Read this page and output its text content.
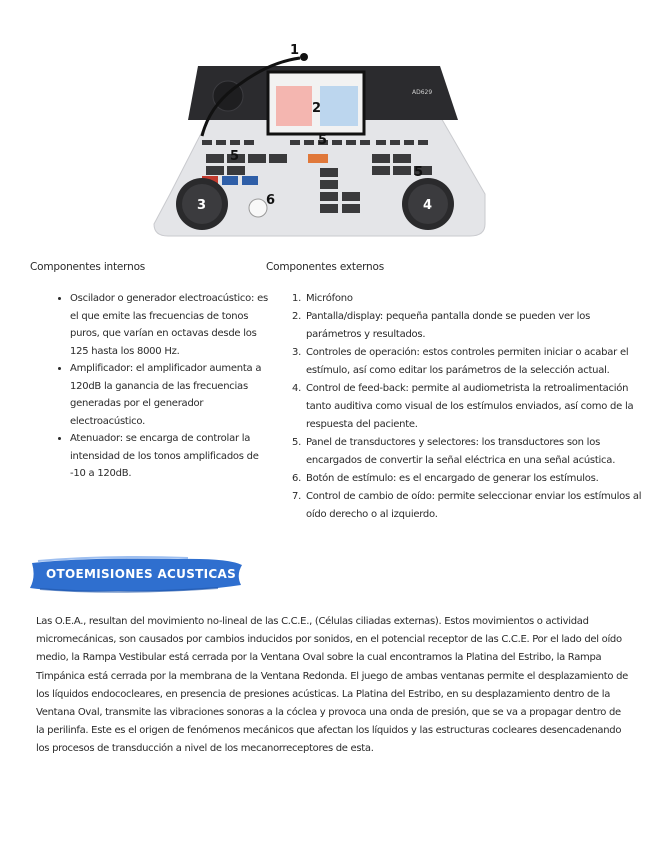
AD629
1
2
5
5
5
6
3	4
Componentes internos	Componentes externos
• Oscilador o generador electroacústico: es el que emite las frecuencias de tonos puros, que varían en octavas desde los 125 hasta los 8000 Hz.
• Amplificador: el amplificador aumenta a 120dB la ganancia de las frecuencias generadas por el generador electroacústico.
• Atenuador: se encarga de controlar la intensidad de los tonos amplificados de -10 a 120dB.
1. Micrófono
2. Pantalla/display: pequeña pantalla donde se pueden ver los parámetros y resultados.
3. Controles de operación: estos controles permiten iniciar o acabar el estímulo, así como editar los parámetros de la selección actual.
4. Control de feed-back: permite al audiometrista la retroalimentación tanto auditiva como visual de los estímulos enviados, así como de la respuesta del paciente.
5. Panel de transductores y selectores: los transductores son los encargados de convertir la señal eléctrica en una señal acústica.
6. Botón de estímulo: es el encargado de generar los estímulos.
7. Control de cambio de oído: permite seleccionar enviar los estímulos al oído derecho o al izquierdo.
OTOEMISIONES ACUSTICAS

Las O.E.A., resultan del movimiento no-lineal de las C.C.E., (Células ciliadas externas). Estos movimientos o actividad micromecánicas, son causados por cambios inducidos por sonidos, en el potencial receptor de las C.C.E. Por el lado del oído medio, la Rampa Vestibular está cerrada por la Ventana Oval sobre la cual encontramos la Platina del Estribo, la Rampa Timpánica está cerrada por la membrana de la Ventana Redonda. El juego de ambas ventanas permite el desplazamiento de los líquidos endococleares, en presencia de presiones acústicas. La Platina del Estribo, en su desplazamiento dentro de la Ventana Oval, transmite las vibraciones sonoras a la cóclea y provoca una onda de presión, que se va a propagar dentro de la perilinfa. Este es el origen de fenómenos mecánicos que afectan los líquidos y las estructuras cocleares desencadenando los procesos de transducción a nivel de los mecanorreceptores de esta.
